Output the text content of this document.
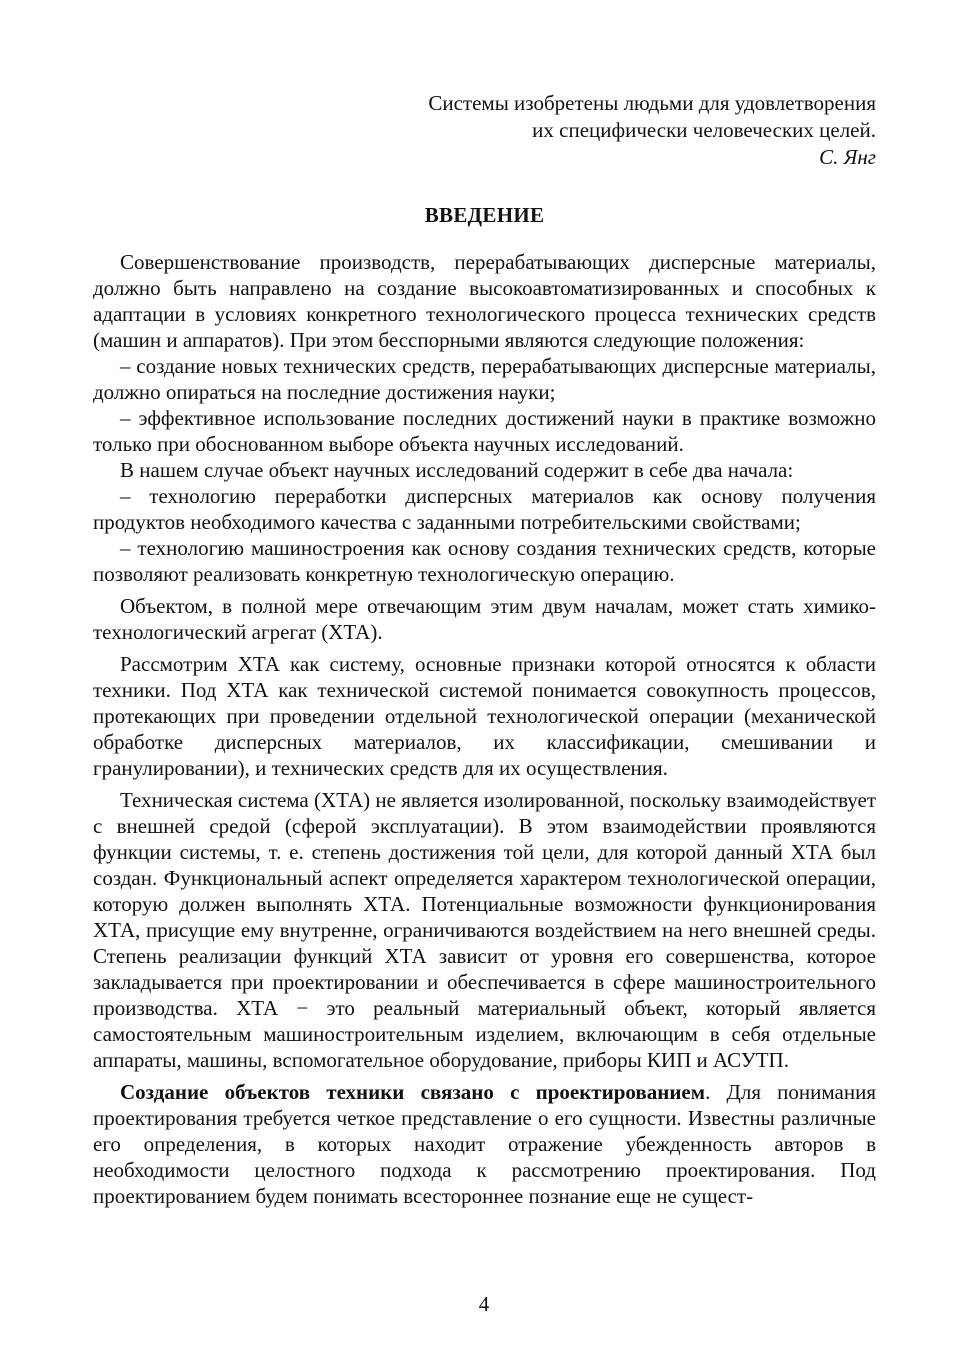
Системы изобретены людьми для удовлетворения
их специфически человеческих целей.
С. Янг
ВВЕДЕНИЕ

Совершенствование производств, перерабатывающих дисперсные материалы, должно быть направлено на создание высокоавтоматизированных и способных к адаптации в условиях конкретного технологического процесса технических средств (машин и аппаратов). При этом бесспорными являются следующие положения:

– создание новых технических средств, перерабатывающих дисперсные материалы, должно опираться на последние достижения науки;

– эффективное использование последних достижений науки в практике возможно только при обоснованном выборе объекта научных исследований.

В нашем случае объект научных исследований содержит в себе два начала:

– технологию переработки дисперсных материалов как основу получения продуктов необходимого качества с заданными потребительскими свойствами;

– технологию машиностроения как основу создания технических средств, которые позволяют реализовать конкретную технологическую операцию.

Объектом, в полной мере отвечающим этим двум началам, может стать химико-технологический агрегат (ХТА).

Рассмотрим ХТА как систему, основные признаки которой относятся к области техники. Под ХТА как технической системой понимается совокупность процессов, протекающих при проведении отдельной технологической операции (механической обработке дисперсных материалов, их классификации, смешивании и гранулировании), и технических средств для их осуществления.

Техническая система (ХТА) не является изолированной, поскольку взаимодействует с внешней средой (сферой эксплуатации). В этом взаимодействии проявляются функции системы, т. е. степень достижения той цели, для которой данный ХТА был создан. Функциональный аспект определяется характером технологической операции, которую должен выполнять ХТА. Потенциальные возможности функционирования ХТА, присущие ему внутренне, ограничиваются воздействием на него внешней среды. Степень реализации функций ХТА зависит от уровня его совершенства, которое закладывается при проектировании и обеспечивается в сфере машиностроительного производства. ХТА − это реальный материальный объект, который является самостоятельным машиностроительным изделием, включающим в себя отдельные аппараты, машины, вспомогательное оборудование, приборы КИП и АСУТП.

Создание объектов техники связано с проектированием. Для понимания проектирования требуется четкое представление о его сущности. Известны различные его определения, в которых находит отражение убежденность авторов в необходимости целостного подхода к рассмотрению проектирования. Под проектированием будем понимать всестороннее познание еще не сущест-

4
